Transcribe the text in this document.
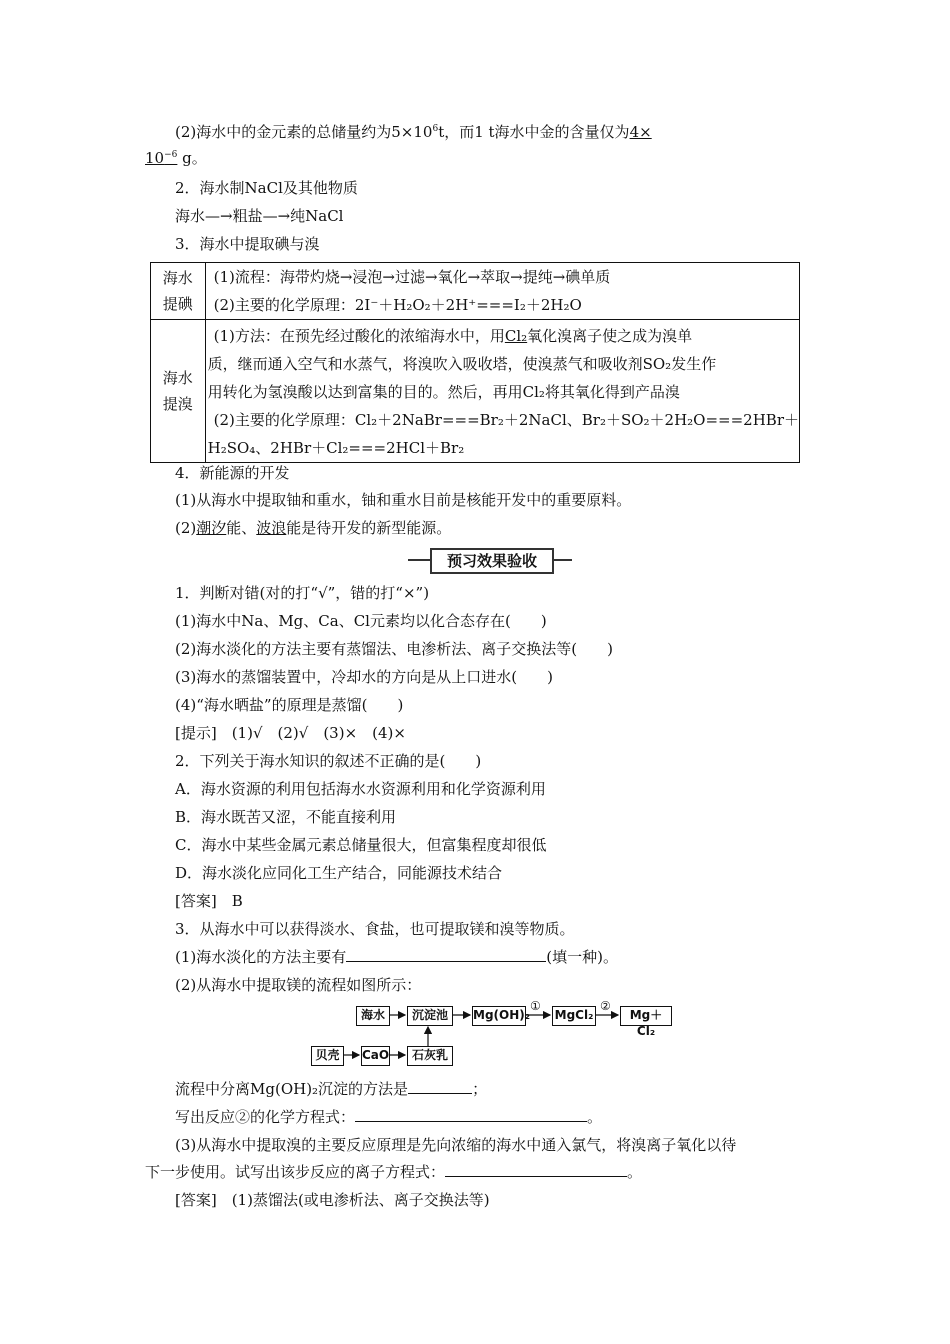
(2)海水中的金元素的总储量约为$5\times 10^6t$，而1 t海水中金的含量仅为4×
$10^{-6}$ g。
2．海水制NaCl及其他物质
海水—→粗盐—→纯NaCl
3．海水中提取碘与溴
海水提碘	(1)流程：海带灼烧→浸泡→过滤→氧化→萃取→提纯→碘单质
(2)主要的化学原理：2I⁻＋H₂O₂＋2H⁺===I₂＋2H₂O

海水提溴	(1)方法：在预先经过酸化的浓缩海水中，用Cl₂氧化溴离子使之成为溴单
质，继而通入空气和水蒸气，将溴吹入吸收塔，使溴蒸气和吸收剂SO₂发生作
用转化为氢溴酸以达到富集的目的。然后，再用Cl₂将其氧化得到产品溴
(2)主要的化学原理：Cl₂＋2NaBr===Br₂＋2NaCl、Br₂＋SO₂＋2H₂O===2HBr＋
H₂SO₄、2HBr＋Cl₂===2HCl＋Br₂
4．新能源的开发
(1)从海水中提取铀和重水，铀和重水目前是核能开发中的重要原料。
(2)潮汐能、波浪能是待开发的新型能源。
预习效果验收
1．判断对错(对的打“√”，错的打“×”)
(1)海水中Na、Mg、Ca、Cl元素均以化合态存在(　　)
(2)海水淡化的方法主要有蒸馏法、电渗析法、离子交换法等(　　)
(3)海水的蒸馏装置中，冷却水的方向是从上口进水(　　)
(4)“海水晒盐”的原理是蒸馏(　　)
[提示]　(1)√　(2)√　(3)×　(4)×
2．下列关于海水知识的叙述不正确的是(　　)
A．海水资源的利用包括海水水资源利用和化学资源利用
B．海水既苦又涩，不能直接利用
C．海水中某些金属元素总储量很大，但富集程度却很低
D．海水淡化应同化工生产结合，同能源技术结合
[答案]　B
3．从海水中可以获得淡水、食盐，也可提取镁和溴等物质。
(1)海水淡化的方法主要有	(填一种)。
(2)从海水中提取镁的流程如图所示：
海水	沉淀池	Mg(OH)₂
①
MgCl₂
②
Mg＋Cl₂
贝壳	CaO	石灰乳
流程中分离Mg(OH)₂沉淀的方法是	；
写出反应②的化学方程式：	。
(3)从海水中提取溴的主要反应原理是先向浓缩的海水中通入氯气，将溴离子氧化以待
下一步使用。试写出该步反应的离子方程式：	。
[答案]　(1)蒸馏法(或电渗析法、离子交换法等)
